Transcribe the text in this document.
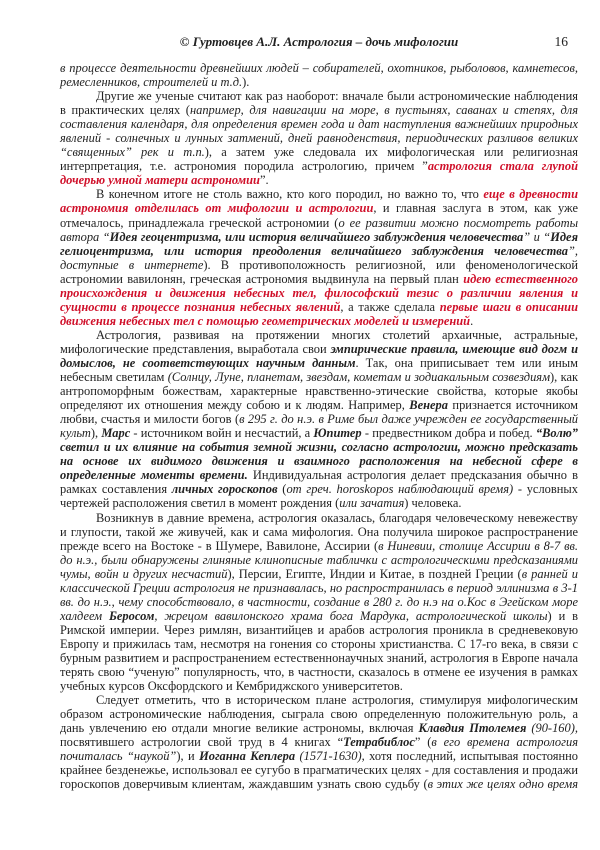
© Гуртовцев А.Л. Астрология – дочь мифологии	16

в процессе деятельности древнейших людей – собирателей, охотников, рыболовов, камнетесов, ремесленников, строителей и т.д.).

Другие же ученые считают как раз наоборот: вначале были астрономические наблюдения в практических целях (например, для навигации на море, в пустынях, саванах и степях, для составления календаря, для определения времен года и дат наступления важнейших природных явлений - солнечных и лунных затмений, дней равноденствия, периодических разливов великих “священных” рек и т.п.), а затем уже следовала их мифологическая или религиозная интерпретация, т.е. астрономия породила астрологию, причем ”астрология стала глупой дочерью умной матери астрономии”.

В конечном итоге не столь важно, кто кого породил, но важно то, что еще в древности астрономия отделилась от мифологии и астрологии, и главная заслуга в этом, как уже отмечалось, принадлежала греческой астрономии (о ее развитии можно посмотреть работы автора “Идея геоцентризма, или история величайшего заблуждения человечества” и “Идея гелиоцентризма, или история преодоления величайшего заблуждения человечества”, доступные в интернете). В противоположность религиозной, или феноменологической астрономии вавилонян, греческая астрономия выдвинула на первый план идею естественного происхождения и движения небесных тел, философский тезис о различии явления и сущности в процессе познания небесных явлений, а также сделала первые шаги в описании движения небесных тел с помощью геометрических моделей и измерений.

Астрология, развивая на протяжении многих столетий архаичные, астральные, мифологические представления, выработала свои эмпирические правила, имеющие вид догм и домыслов, не соответствующих научным данным. Так, она приписывает тем или иным небесным светилам (Солнцу, Луне, планетам, звездам, кометам и зодиакальным созвездиям), как антропоморфным божествам, характерные нравственно-этические свойства, которые якобы определяют их отношения между собою и к людям. Например, Венера признается источником любви, счастья и милости богов (в 295 г. до н.э. в Риме был даже учрежден ее государственный культ), Марс - источником войн и несчастий, а Юпитер - предвестником добра и побед. “Волю” светил и их влияние на события земной жизни, согласно астрологии, можно предсказать на основе их видимого движения и взаимного расположения на небесной сфере в определенные моменты времени. Индивидуальная астрология делает предсказания обычно в рамках составления личных гороскопов (от греч. horoskopos наблюдающий время) - условных чертежей расположения светил в момент рождения (или зачатия) человека.

Возникнув в давние времена, астрология оказалась, благодаря человеческому невежеству и глупости, такой же живучей, как и сама мифология. Она получила широкое распространение прежде всего на Востоке - в Шумере, Вавилоне, Ассирии (в Ниневии, столице Ассирии в 8-7 вв. до н.э., были обнаружены глиняные клинописные таблички с астрологическими предсказаниями чумы, войн и других несчастий), Персии, Египте, Индии и Китае, в поздней Греции (в ранней и классической Греции астрология не признавалась, но распространилась в период эллинизма в 3-1 вв. до н.э., чему способствовало, в частности, создание в 280 г. до н.э на о.Кос в Эгейском море халдеем Беросом, жрецом вавилонского храма бога Мардука, астрологической школы) и в Римской империи. Через римлян, византийцев и арабов астрология проникла в средневековую Европу и прижилась там, несмотря на гонения со стороны христианства. С 17-го века, в связи с бурным развитием и распространением естественнонаучных знаний, астрология в Европе начала терять свою “ученую” популярность, что, в частности, сказалось в отмене ее изучения в рамках учебных курсов Оксфордского и Кембриджского университетов.

Следует отметить, что в историческом плане астрология, стимулируя мифологическим образом астрономические наблюдения, сыграла свою определенную положительную роль, а дань увлечению ею отдали многие великие астрономы, включая Клавдия Птолемея (90-160), посвятившего астрологии свой труд в 4 книгах “Тетрабиблос” (в его времена астрология почиталась “наукой”), и Иоганна Кеплера (1571-1630), хотя последний, испытывая постоянно крайнее безденежье, использовал ее сугубо в прагматических целях - для составления и продажи гороскопов доверчивым клиентам, жаждавшим узнать свою судьбу (в этих же целях одно время
